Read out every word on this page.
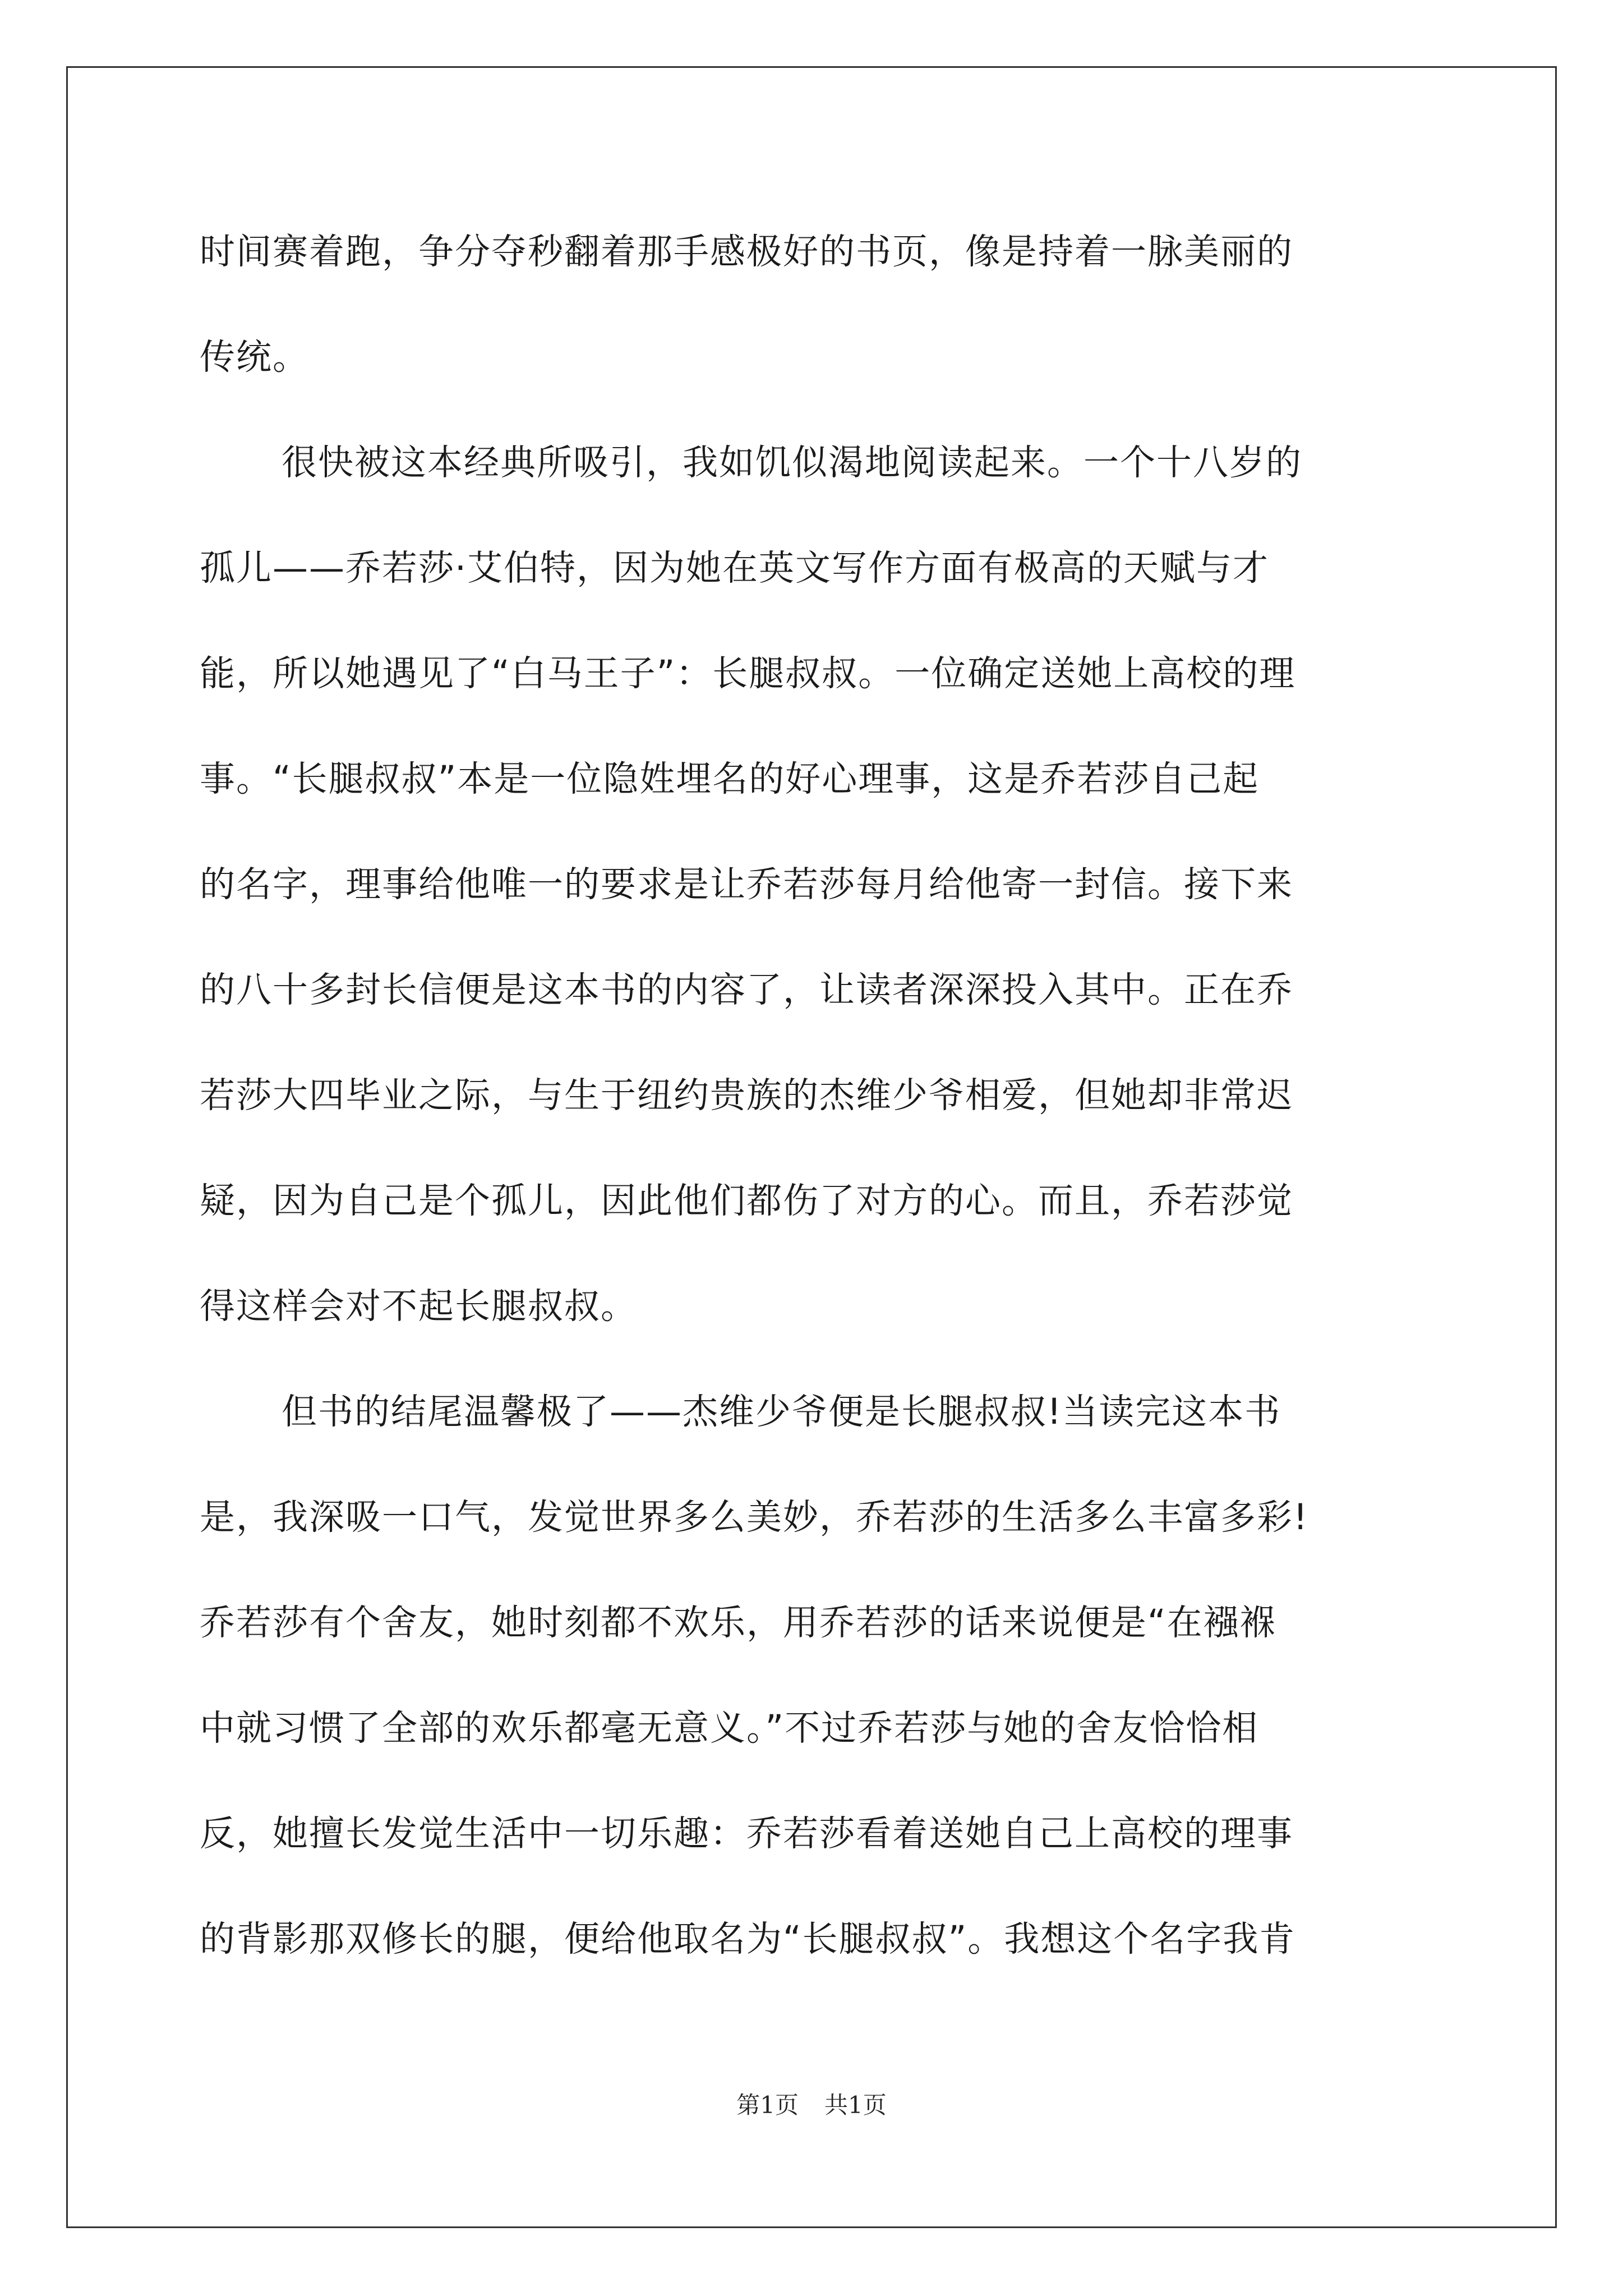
时间赛着跑，争分夺秒翻着那手感极好的书页，像是持着一脉美丽的
传统。
很快被这本经典所吸引，我如饥似渴地阅读起来。一个十八岁的
孤儿——乔若莎·艾伯特，因为她在英文写作方面有极高的天赋与才
能，所以她遇见了“白马王子”：长腿叔叔。一位确定送她上高校的理
事。“长腿叔叔”本是一位隐姓埋名的好心理事，这是乔若莎自己起
的名字，理事给他唯一的要求是让乔若莎每月给他寄一封信。接下来
的八十多封长信便是这本书的内容了，让读者深深投入其中。正在乔
若莎大四毕业之际，与生于纽约贵族的杰维少爷相爱，但她却非常迟
疑，因为自己是个孤儿，因此他们都伤了对方的心。而且，乔若莎觉
得这样会对不起长腿叔叔。
但书的结尾温馨极了——杰维少爷便是长腿叔叔!当读完这本书
是，我深吸一口气，发觉世界多么美妙，乔若莎的生活多么丰富多彩!
乔若莎有个舍友，她时刻都不欢乐，用乔若莎的话来说便是“在襁褓
中就习惯了全部的欢乐都毫无意义。”不过乔若莎与她的舍友恰恰相
反，她擅长发觉生活中一切乐趣：乔若莎看着送她自己上高校的理事
的背影那双修长的腿，便给他取名为“长腿叔叔”。我想这个名字我肯
第1页 共1页
